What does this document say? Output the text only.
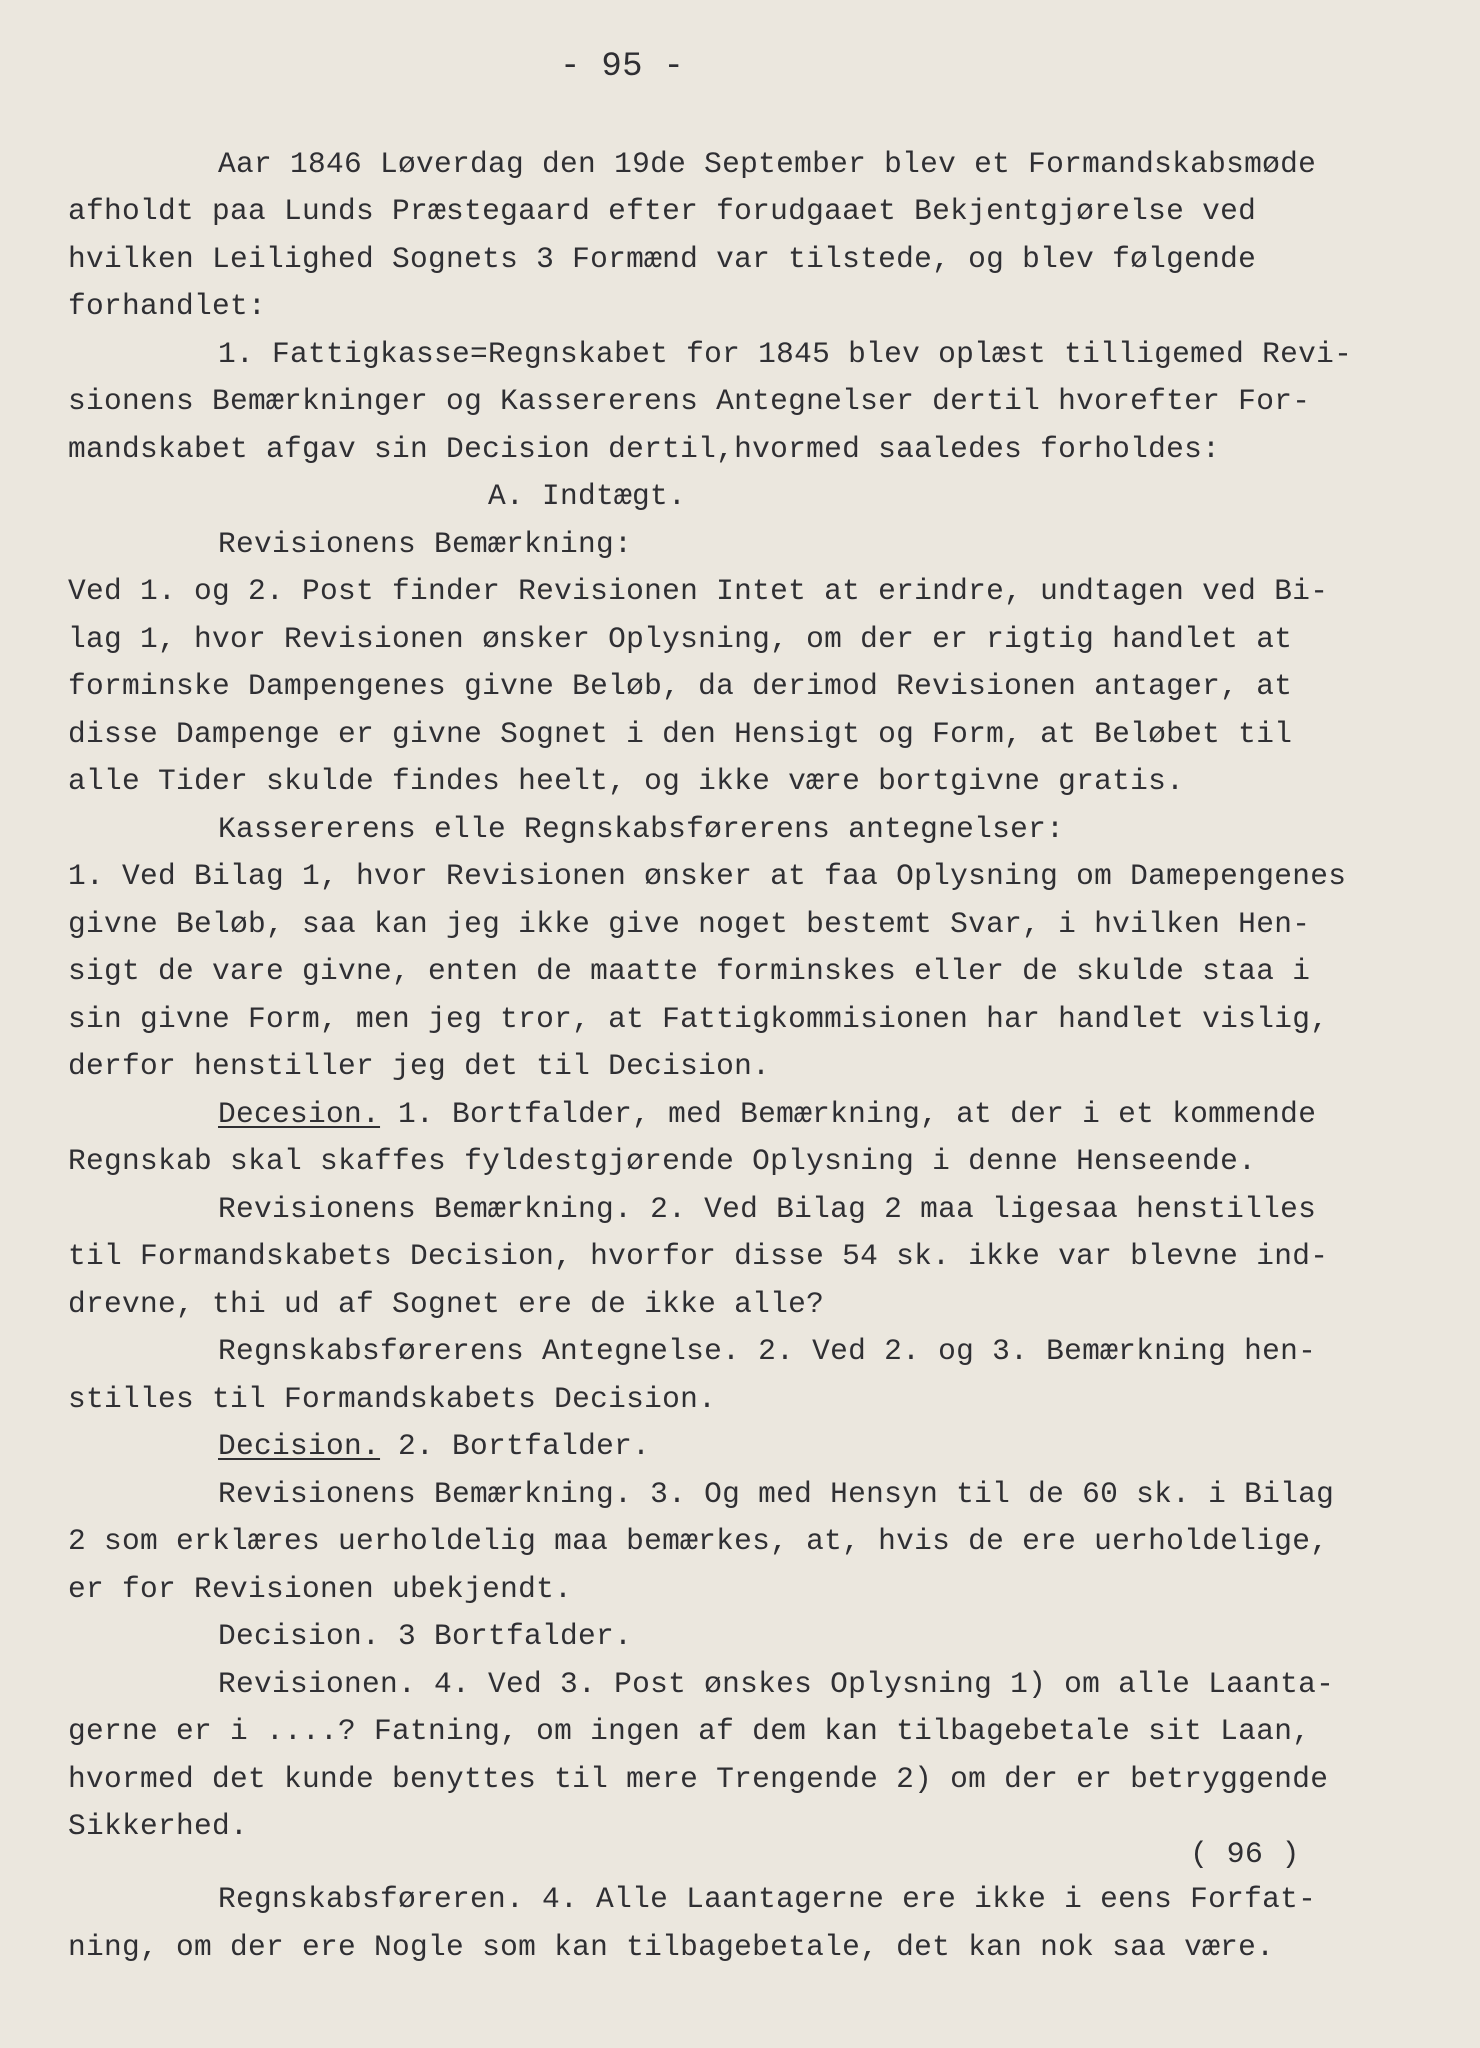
- 95 -
Aar 1846 Løverdag den 19de September blev et Formandskabsmøde
afholdt paa Lunds Præstegaard efter forudgaaet Bekjentgjørelse ved
hvilken Leilighed Sognets 3 Formænd var tilstede, og blev følgende
forhandlet:
1. Fattigkasse=Regnskabet for 1845 blev oplæst tilligemed Revi-
sionens Bemærkninger og Kassererens Antegnelser dertil hvorefter For-
mandskabet afgav sin Decision dertil,hvormed saaledes forholdes:
A. Indtægt.
Revisionens Bemærkning:
Ved 1. og 2. Post finder Revisionen Intet at erindre, undtagen ved Bi-
lag 1, hvor Revisionen ønsker Oplysning, om der er rigtig handlet at
forminske Dampengenes givne Beløb, da derimod Revisionen antager, at
disse Dampenge er givne Sognet i den Hensigt og Form, at Beløbet til
alle Tider skulde findes heelt, og ikke være bortgivne gratis.
Kassererens elle Regnskabsførerens antegnelser:
1. Ved Bilag 1, hvor Revisionen ønsker at faa Oplysning om Damepengenes
givne Beløb, saa kan jeg ikke give noget bestemt Svar, i hvilken Hen-
sigt de vare givne, enten de maatte forminskes eller de skulde staa i
sin givne Form, men jeg tror, at Fattigkommisionen har handlet vislig,
derfor henstiller jeg det til Decision.
Decesion. 1. Bortfalder, med Bemærkning, at der i et kommende
Regnskab skal skaffes fyldestgjørende Oplysning i denne Henseende.
Revisionens Bemærkning. 2. Ved Bilag 2 maa ligesaa henstilles
til Formandskabets Decision, hvorfor disse 54 sk. ikke var blevne ind-
drevne, thi ud af Sognet ere de ikke alle?
Regnskabsførerens Antegnelse. 2. Ved 2. og 3. Bemærkning hen-
stilles til Formandskabets Decision.
Decision. 2. Bortfalder.
Revisionens Bemærkning. 3. Og med Hensyn til de 60 sk. i Bilag
2 som erklæres uerholdelig maa bemærkes, at, hvis de ere uerholdelige,
er for Revisionen ubekjendt.
Decision. 3 Bortfalder.
Revisionen. 4. Ved 3. Post ønskes Oplysning 1) om alle Laanta-
gerne er i ....? Fatning, om ingen af dem kan tilbagebetale sit Laan,
hvormed det kunde benyttes til mere Trengende 2) om der er betryggende
Sikkerhed.
( 96 )
Regnskabsføreren. 4. Alle Laantagerne ere ikke i eens Forfat-
ning, om der ere Nogle som kan tilbagebetale, det kan nok saa være.
